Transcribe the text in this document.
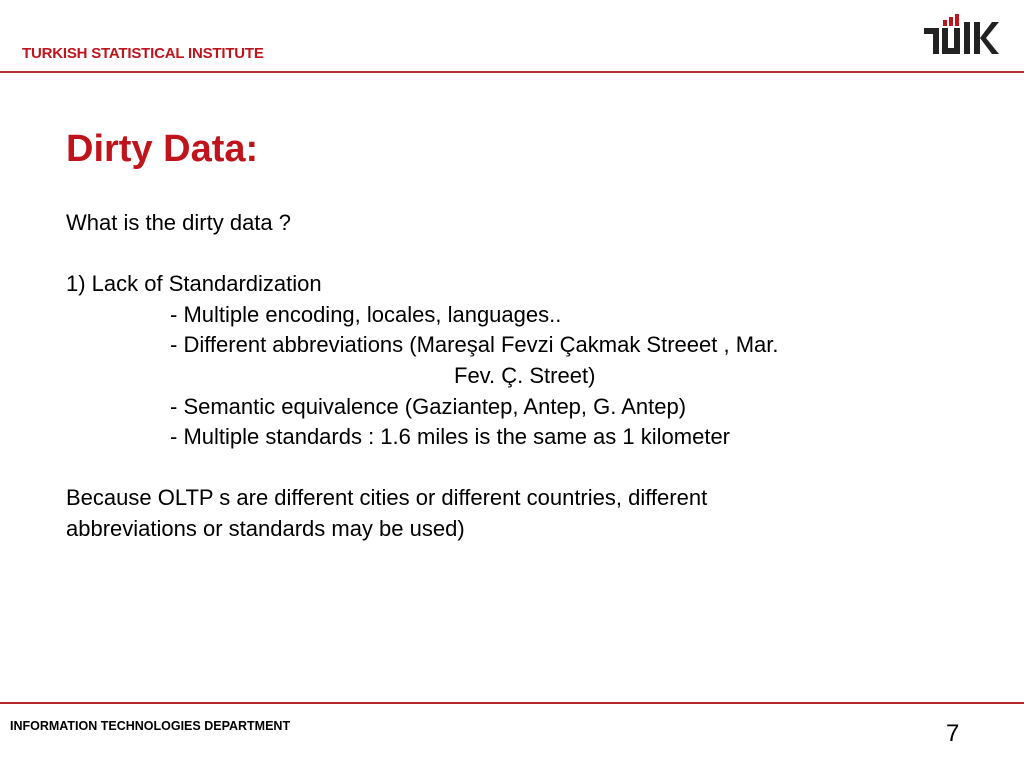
TURKISH STATISTICAL INSTITUTE
Dirty Data:
What is the dirty data ?
1) Lack of Standardization
- Multiple encoding, locales, languages..
- Different abbreviations (Mareşal Fevzi Çakmak Streeet , Mar.
Fev. Ç. Street)
- Semantic equivalence (Gaziantep, Antep, G. Antep)
- Multiple standards : 1.6 miles is the same as 1 kilometer
Because OLTP s are different cities or different countries, different
abbreviations or standards may be used)
INFORMATION TECHNOLOGIES DEPARTMENT	7
